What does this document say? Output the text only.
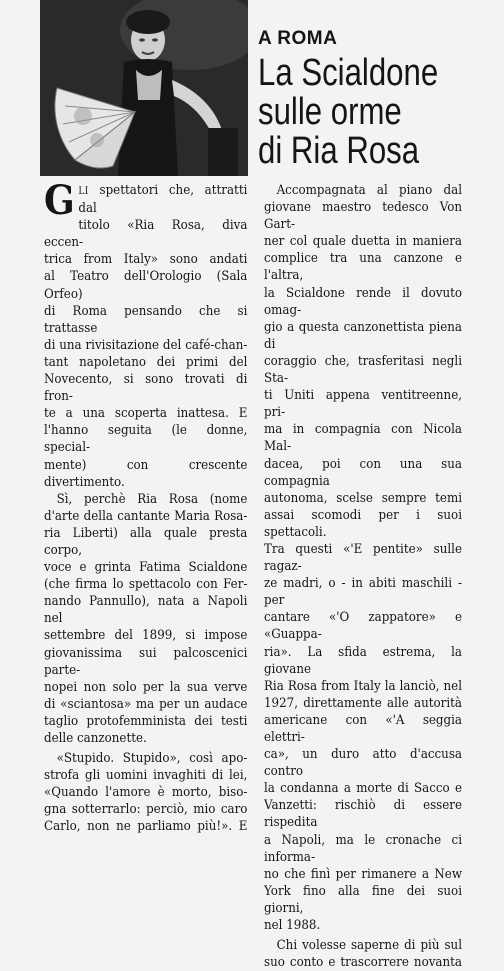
A ROMA
La Scialdone
sulle orme
di Ria Rosa

G LI spettatori che, attratti dal
titolo «Ria Rosa, diva eccen-
trica from Italy» sono andati
al Teatro dell'Orologio (Sala Orfeo)
di Roma pensando che si trattasse
di una rivisitazione del café-chan-
tant napoletano dei primi del
Novecento, si sono trovati di fron-
te a una scoperta inattesa. E
l'hanno seguita (le donne, special-
mente) con crescente divertimento.
Sì, perchè Ria Rosa (nome
d'arte della cantante Maria Rosa-
ria Liberti) alla quale presta corpo,
voce e grinta Fatima Scialdone
(che firma lo spettacolo con Fer-
nando Pannullo), nata a Napoli nel
settembre del 1899, si impose
giovanissima sui palcoscenici parte-
nopei non solo per la sua verve
di «sciantosa» ma per un audace
taglio protofemminista dei testi
delle canzonette.

«Stupido. Stupido», così apo-
strofa gli uomini invaghiti di lei,
«Quando l'amore è morto, biso-
gna sotterrarlo: perciò, mio caro
Carlo, non ne parliamo più!». E

Accompagnata al piano dal
giovane maestro tedesco Von Gart-
ner col quale duetta in maniera
complice tra una canzone e l'altra,
la Scialdone rende il dovuto omag-
gio a questa canzonettista piena di
coraggio che, trasferitasi negli Sta-
ti Uniti appena ventitreenne, pri-
ma in compagnia con Nicola Mal-
dacea, poi con una sua compagnia
autonoma, scelse sempre temi
assai scomodi per i suoi spettacoli.
Tra questi «'E pentite» sulle ragaz-
ze madri, o - in abiti maschili - per
cantare «'O zappatore» e «Guappa-
ria». La sfida estrema, la giovane
Ria Rosa from Italy la lanciò, nel
1927, direttamente alle autorità
americane con «'A seggia elettri-
ca», un duro atto d'accusa contro
la condanna a morte di Sacco e
Vanzetti: rischiò di essere rispedita
a Napoli, ma le cronache ci informa-
no che finì per rimanere a New
York fino alla fine dei suoi giorni,
nel 1988.

Chi volesse saperne di più sul
suo conto e trascorrere novanta
